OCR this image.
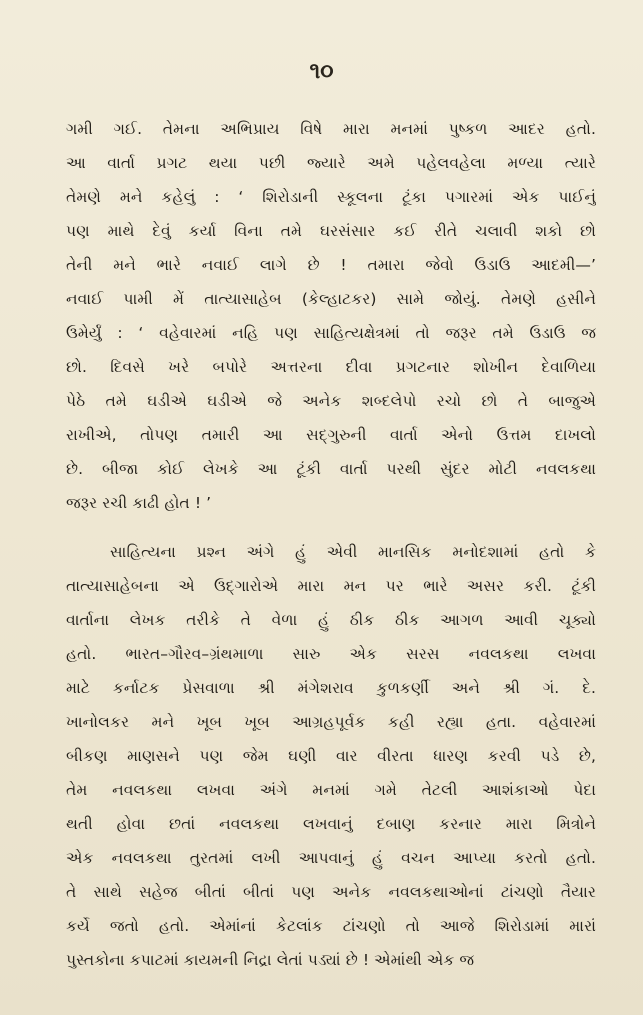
૧૦
ગમી ગઈ. તેમના અભિપ્રાય વિષે મારા મનમાં પુષ્કળ આદર હતો.
આ વાર્તા પ્રગટ થયા પછી જ્યારે અમે પહેલવહેલા મળ્યા ત્યારે
તેમણે મને કહેલું : ‘ શિરોડાની સ્કૂલના ટૂંકા પગારમાં એક પાઈનું
પણ માથે દેવું કર્યા વિના તમે ઘરસંસાર કઈ રીતે ચલાવી શકો છો
તેની મને ભારે નવાઈ લાગે છે ! તમારા જેવો ઉડાઉ આદમી—’
નવાઈ પામી મેં તાત્યાસાહેબ (કેલ્હાટકર) સામે જોયું. તેમણે હસીને
ઉમેર્યું : ‘ વહેવારમાં નહિ પણ સાહિત્યક્ષેત્રમાં તો જરૂર તમે ઉડાઉ જ
છો. દિવસે ખરે બપોરે અત્તરના દીવા પ્રગટનાર શોખીન દેવાળિયા
પેઠે તમે ઘડીએ ઘડીએ જે અનેક શબ્દલેપો રચો છો તે બાજુએ
રાખીએ, તોપણ તમારી આ સદ્‌ગુરુની વાર્તા એનો ઉત્તમ દાખલો
છે. બીજા કોઈ લેખકે આ ટૂંકી વાર્તા પરથી સુંદર મોટી નવલકથા
જરૂર રચી કાઢી હોત ! ’
સાહિત્યના પ્રશ્ન અંગે હું એવી માનસિક મનોદશામાં હતો કે
તાત્યાસાહેબના એ ઉદ્‌ગારોએ મારા મન પર ભારે અસર કરી. ટૂંકી
વાર્તાના લેખક તરીકે તે વેળા હું ઠીક ઠીક આગળ આવી ચૂક્યો
હતો. ભારત–ગૌરવ–ગ્રંથમાળા સારુ એક સરસ નવલકથા લખવા
માટે કર્નાટક પ્રેસવાળા શ્રી મંગેશરાવ કુળકર્ણી અને શ્રી ગં. દે.
ખાનોલકર મને ખૂબ ખૂબ આગ્રહપૂર્વક કહી રહ્યા હતા. વહેવારમાં
બીકણ માણસને પણ જેમ ઘણી વાર વીરતા ધારણ કરવી પડે છે,
તેમ નવલકથા લખવા અંગે મનમાં ગમે તેટલી આશંકાઓ પેદા
થતી હોવા છતાં નવલકથા લખવાનું દબાણ કરનાર મારા મિત્રોને
એક નવલકથા તુરતમાં લખી આપવાનું હું વચન આપ્યા કરતો હતો.
તે સાથે સહેજ બીતાં બીતાં પણ અનેક નવલકથાઓનાં ટાંચણો તૈયાર
કર્યે જતો હતો. એમાંનાં કેટલાંક ટાંચણો તો આજે શિરોડામાં મારાં
પુસ્તકોના કપાટમાં કાયમની નિદ્રા લેતાં પડ્યાં છે ! એમાંથી એક જ
